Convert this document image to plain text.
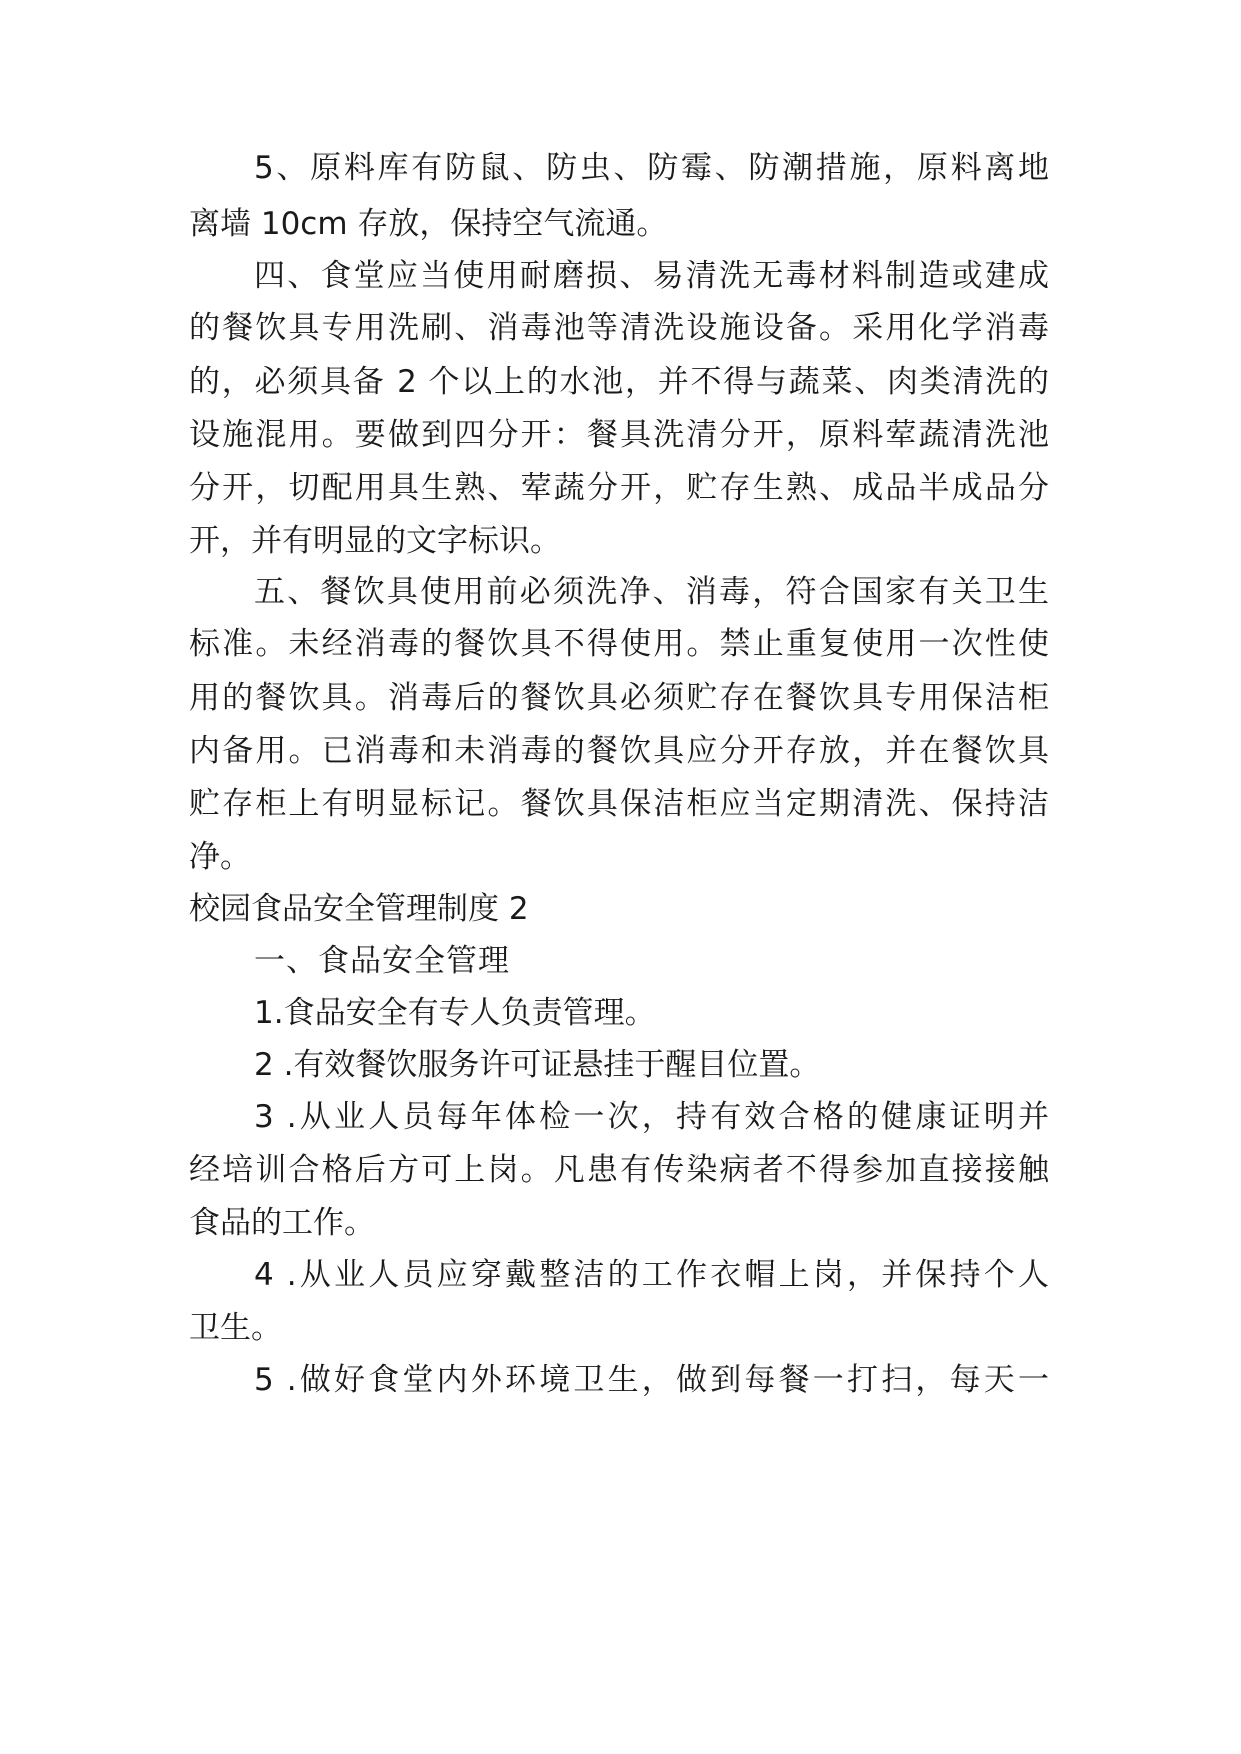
5、原料库有防鼠、防虫、防霉、防潮措施，原料离地
离墙 10cm 存放，保持空气流通。
四、食堂应当使用耐磨损、易清洗无毒材料制造或建成
的餐饮具专用洗刷、消毒池等清洗设施设备。采用化学消毒
的，必须具备 2 个以上的水池，并不得与蔬菜、肉类清洗的
设施混用。要做到四分开：餐具洗清分开，原料荤蔬清洗池
分开，切配用具生熟、荤蔬分开，贮存生熟、成品半成品分
开，并有明显的文字标识。
五、餐饮具使用前必须洗净、消毒，符合国家有关卫生
标准。未经消毒的餐饮具不得使用。禁止重复使用一次性使
用的餐饮具。消毒后的餐饮具必须贮存在餐饮具专用保洁柜
内备用。已消毒和未消毒的餐饮具应分开存放，并在餐饮具
贮存柜上有明显标记。餐饮具保洁柜应当定期清洗、保持洁
净。
校园食品安全管理制度 2
一、食品安全管理
1.食品安全有专人负责管理。
2 .有效餐饮服务许可证悬挂于醒目位置。
3 .从业人员每年体检一次，持有效合格的健康证明并
经培训合格后方可上岗。凡患有传染病者不得参加直接接触
食品的工作。
4 .从业人员应穿戴整洁的工作衣帽上岗，并保持个人
卫生。
5 .做好食堂内外环境卫生，做到每餐一打扫，每天一
